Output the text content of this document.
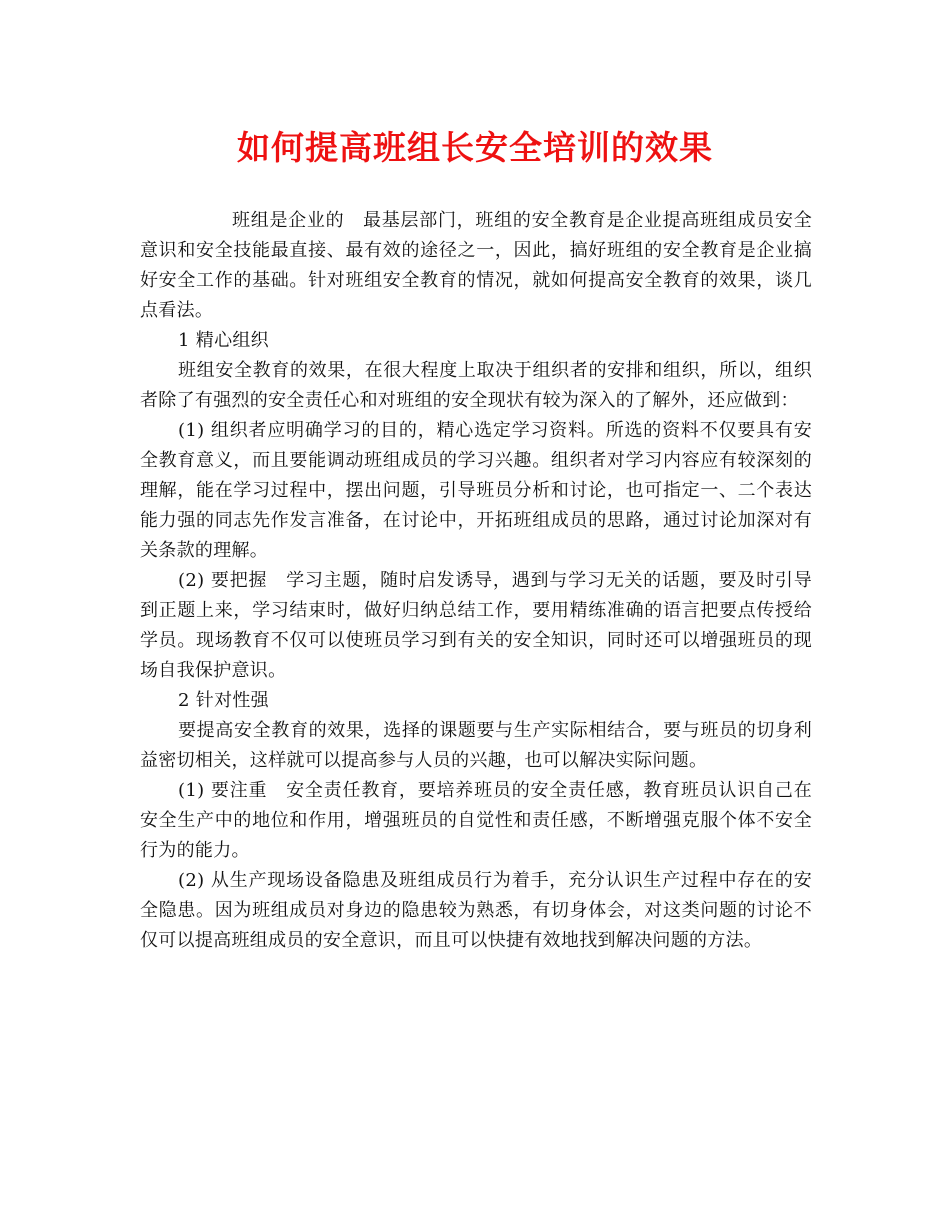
如何提高班组长安全培训的效果

班组是企业的　最基层部门，班组的安全教育是企业提高班组成员安全意识和安全技能最直接、最有效的途径之一，因此，搞好班组的安全教育是企业搞好安全工作的基础。针对班组安全教育的情况，就如何提高安全教育的效果，谈几点看法。

1 精心组织

班组安全教育的效果，在很大程度上取决于组织者的安排和组织，所以，组织者除了有强烈的安全责任心和对班组的安全现状有较为深入的了解外，还应做到：

(1) 组织者应明确学习的目的，精心选定学习资料。所选的资料不仅要具有安全教育意义，而且要能调动班组成员的学习兴趣。组织者对学习内容应有较深刻的理解，能在学习过程中，摆出问题，引导班员分析和讨论，也可指定一、二个表达能力强的同志先作发言准备，在讨论中，开拓班组成员的思路，通过讨论加深对有关条款的理解。

(2) 要把握　学习主题，随时启发诱导，遇到与学习无关的话题，要及时引导到正题上来，学习结束时，做好归纳总结工作，要用精练准确的语言把要点传授给学员。现场教育不仅可以使班员学习到有关的安全知识，同时还可以增强班员的现场自我保护意识。

2 针对性强

要提高安全教育的效果，选择的课题要与生产实际相结合，要与班员的切身利益密切相关，这样就可以提高参与人员的兴趣，也可以解决实际问题。

(1) 要注重　安全责任教育，要培养班员的安全责任感，教育班员认识自己在安全生产中的地位和作用，增强班员的自觉性和责任感，不断增强克服个体不安全行为的能力。

(2) 从生产现场设备隐患及班组成员行为着手，充分认识生产过程中存在的安全隐患。因为班组成员对身边的隐患较为熟悉，有切身体会，对这类问题的讨论不仅可以提高班组成员的安全意识，而且可以快捷有效地找到解决问题的方法。
